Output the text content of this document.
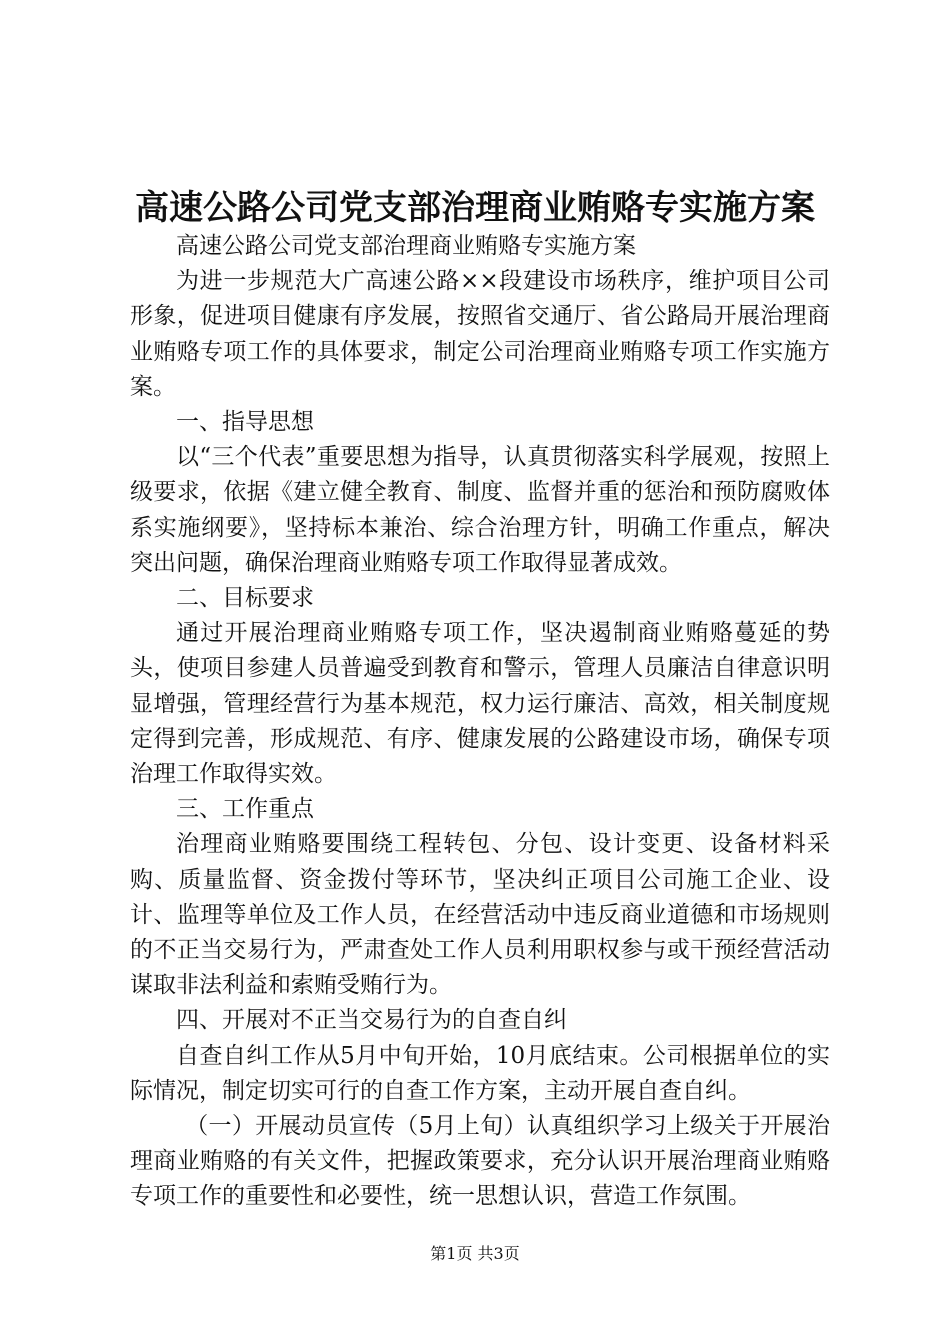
高速公路公司党支部治理商业贿赂专实施方案

高速公路公司党支部治理商业贿赂专实施方案

为进一步规范大广高速公路××段建设市场秩序，维护项目公司形象，促进项目健康有序发展，按照省交通厅、省公路局开展治理商业贿赂专项工作的具体要求，制定公司治理商业贿赂专项工作实施方案。

一、指导思想

以“三个代表”重要思想为指导，认真贯彻落实科学展观，按照上级要求，依据《建立健全教育、制度、监督并重的惩治和预防腐败体系实施纲要》，坚持标本兼治、综合治理方针，明确工作重点，解决突出问题，确保治理商业贿赂专项工作取得显著成效。

二、目标要求

通过开展治理商业贿赂专项工作，坚决遏制商业贿赂蔓延的势头，使项目参建人员普遍受到教育和警示，管理人员廉洁自律意识明显增强，管理经营行为基本规范，权力运行廉洁、高效，相关制度规定得到完善，形成规范、有序、健康发展的公路建设市场，确保专项治理工作取得实效。

三、工作重点

治理商业贿赂要围绕工程转包、分包、设计变更、设备材料采购、质量监督、资金拨付等环节，坚决纠正项目公司施工企业、设计、监理等单位及工作人员，在经营活动中违反商业道德和市场规则的不正当交易行为，严肃查处工作人员利用职权参与或干预经营活动谋取非法利益和索贿受贿行为。

四、开展对不正当交易行为的自查自纠

自查自纠工作从5月中旬开始，10月底结束。公司根据单位的实际情况，制定切实可行的自查工作方案，主动开展自查自纠。

（一）开展动员宣传（5月上旬）认真组织学习上级关于开展治理商业贿赂的有关文件，把握政策要求，充分认识开展治理商业贿赂专项工作的重要性和必要性，统一思想认识，营造工作氛围。

第1页 共3页
